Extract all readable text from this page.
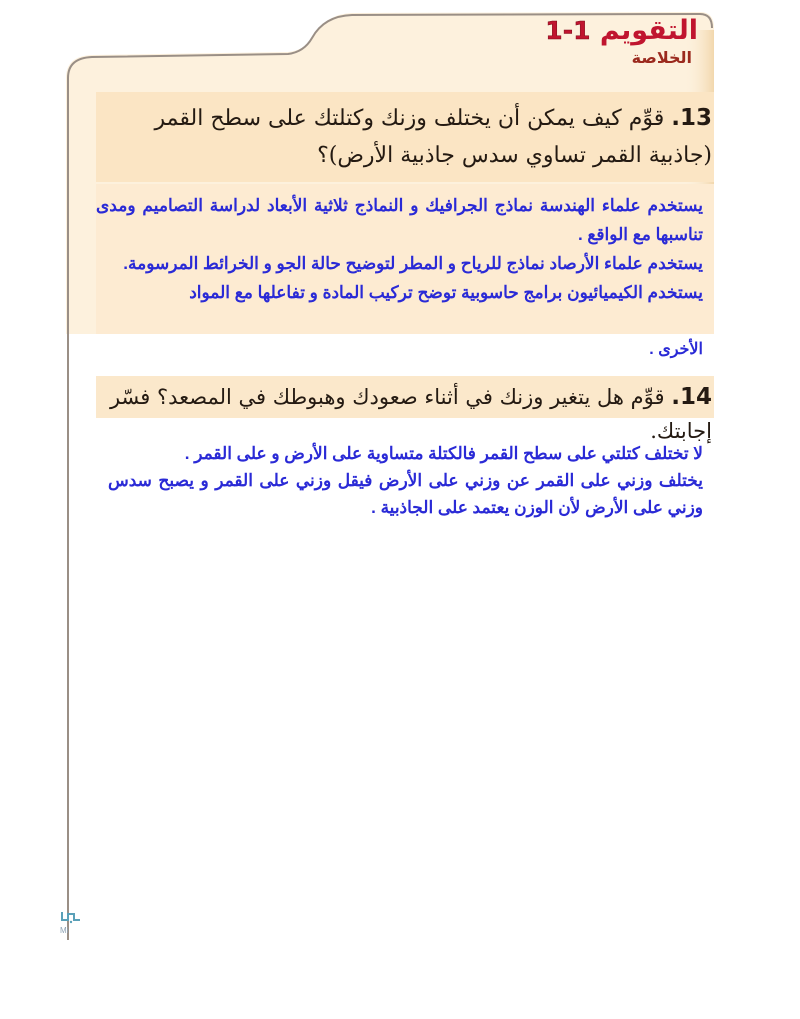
التقويم 1-1
الخلاصة
13. قوِّم كيف يمكن أن يختلف وزنك وكتلتك على سطح القمر (جاذبية القمر تساوي سدس جاذبية الأرض)؟

يستخدم علماء الهندسة نماذج الجرافيك و النماذج ثلاثية الأبعاد لدراسة التصاميم ومدى تناسبها مع الواقع .

يستخدم علماء الأرصاد نماذج للرياح و المطر لتوضيح حالة الجو و الخرائط المرسومة.

يستخدم الكيميائيون برامج حاسوبية توضح تركيب المادة و تفاعلها مع المواد

الأخرى .
14. قوِّم هل يتغير وزنك في أثناء صعودك وهبوطك في المصعد؟ فسّر إجابتك.
لا تختلف كتلتي على سطح القمر فالكتلة متساوية على الأرض و على القمر .
يختلف وزني على القمر عن وزني على الأرض فيقل وزني على القمر و يصبح سدس وزني على الأرض لأن الوزن يعتمد على الجاذبية .
Mi
